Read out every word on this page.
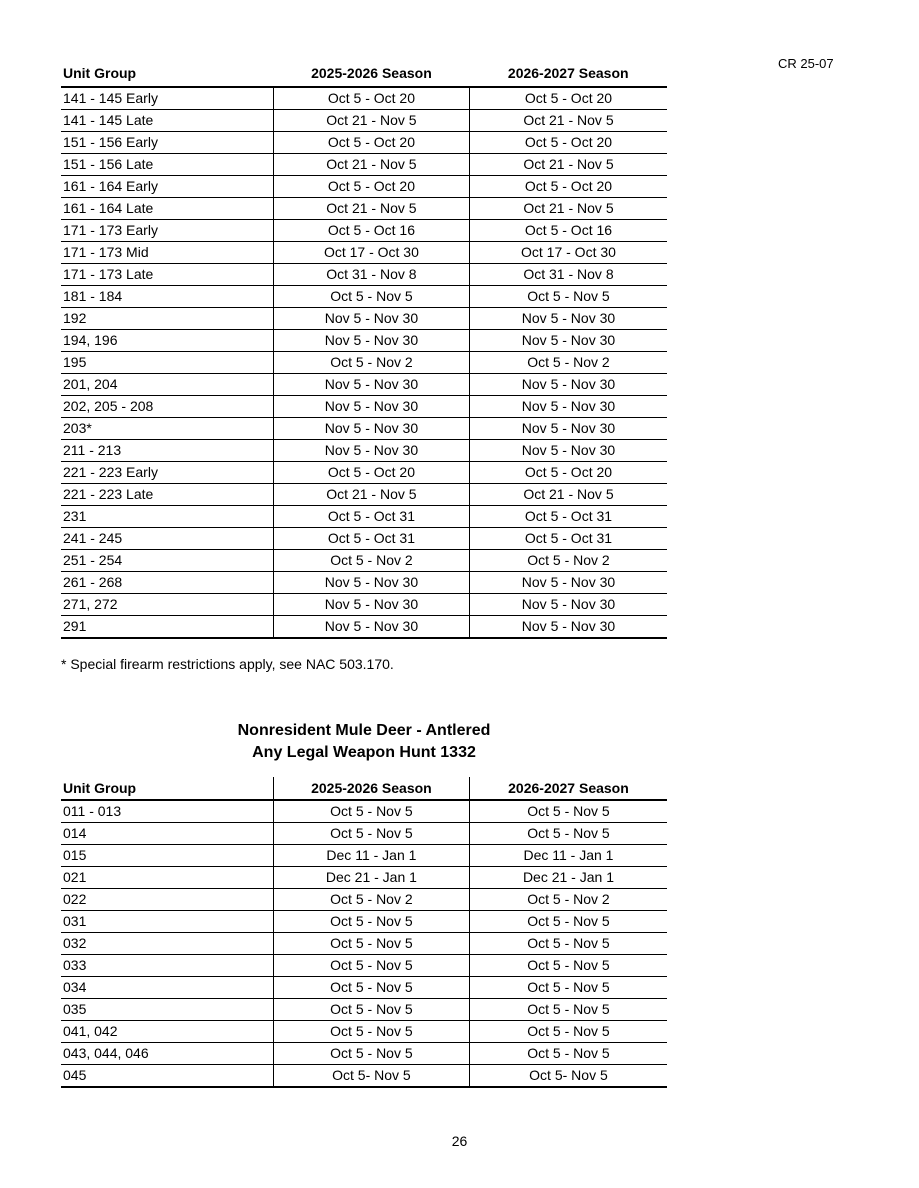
CR 25-07
Unit Group	2025-2026 Season	2026-2027 Season
141 - 145 Early	Oct 5 - Oct 20	Oct 5 - Oct 20
141 - 145 Late	Oct 21 - Nov 5	Oct 21 - Nov 5
151 - 156 Early	Oct 5 - Oct 20	Oct 5 - Oct 20
151 - 156 Late	Oct 21 - Nov 5	Oct 21 - Nov 5
161 - 164 Early	Oct 5 - Oct 20	Oct 5 - Oct 20
161 - 164 Late	Oct 21 - Nov 5	Oct 21 - Nov 5
171 - 173 Early	Oct 5 - Oct 16	Oct 5 - Oct 16
171 - 173 Mid	Oct 17 - Oct 30	Oct 17 - Oct 30
171 - 173 Late	Oct 31 - Nov 8	Oct 31 - Nov 8
181 - 184	Oct 5 - Nov 5	Oct 5 - Nov 5
192	Nov 5 - Nov 30	Nov 5 - Nov 30
194, 196	Nov 5 - Nov 30	Nov 5 - Nov 30
195	Oct 5 - Nov 2	Oct 5 - Nov 2
201, 204	Nov 5 - Nov 30	Nov 5 - Nov 30
202, 205 - 208	Nov 5 - Nov 30	Nov 5 - Nov 30
203*	Nov 5 - Nov 30	Nov 5 - Nov 30
211 - 213	Nov 5 - Nov 30	Nov 5 - Nov 30
221 - 223 Early	Oct 5 - Oct 20	Oct 5 - Oct 20
221 - 223 Late	Oct 21 - Nov 5	Oct 21 - Nov 5
231	Oct 5 - Oct 31	Oct 5 - Oct 31
241 - 245	Oct 5 - Oct 31	Oct 5 - Oct 31
251 - 254	Oct 5 - Nov 2	Oct 5 - Nov 2
261 - 268	Nov 5 - Nov 30	Nov 5 - Nov 30
271, 272	Nov 5 - Nov 30	Nov 5 - Nov 30
291	Nov 5 - Nov 30	Nov 5 - Nov 30
* Special firearm restrictions apply, see NAC 503.170.
Nonresident Mule Deer - Antlered
Any Legal Weapon Hunt 1332
Unit Group	2025-2026 Season	2026-2027 Season
011 - 013	Oct 5 - Nov 5	Oct 5 - Nov 5
014	Oct 5 - Nov 5	Oct 5 - Nov 5
015	Dec 11 - Jan 1	Dec 11 - Jan 1
021	Dec 21 - Jan 1	Dec 21 - Jan 1
022	Oct 5 - Nov 2	Oct 5 - Nov 2
031	Oct 5 - Nov 5	Oct 5 - Nov 5
032	Oct 5 - Nov 5	Oct 5 - Nov 5
033	Oct 5 - Nov 5	Oct 5 - Nov 5
034	Oct 5 - Nov 5	Oct 5 - Nov 5
035	Oct 5 - Nov 5	Oct 5 - Nov 5
041, 042	Oct 5 - Nov 5	Oct 5 - Nov 5
043, 044, 046	Oct 5 - Nov 5	Oct 5 - Nov 5
045	Oct 5- Nov 5	Oct 5- Nov 5
26
